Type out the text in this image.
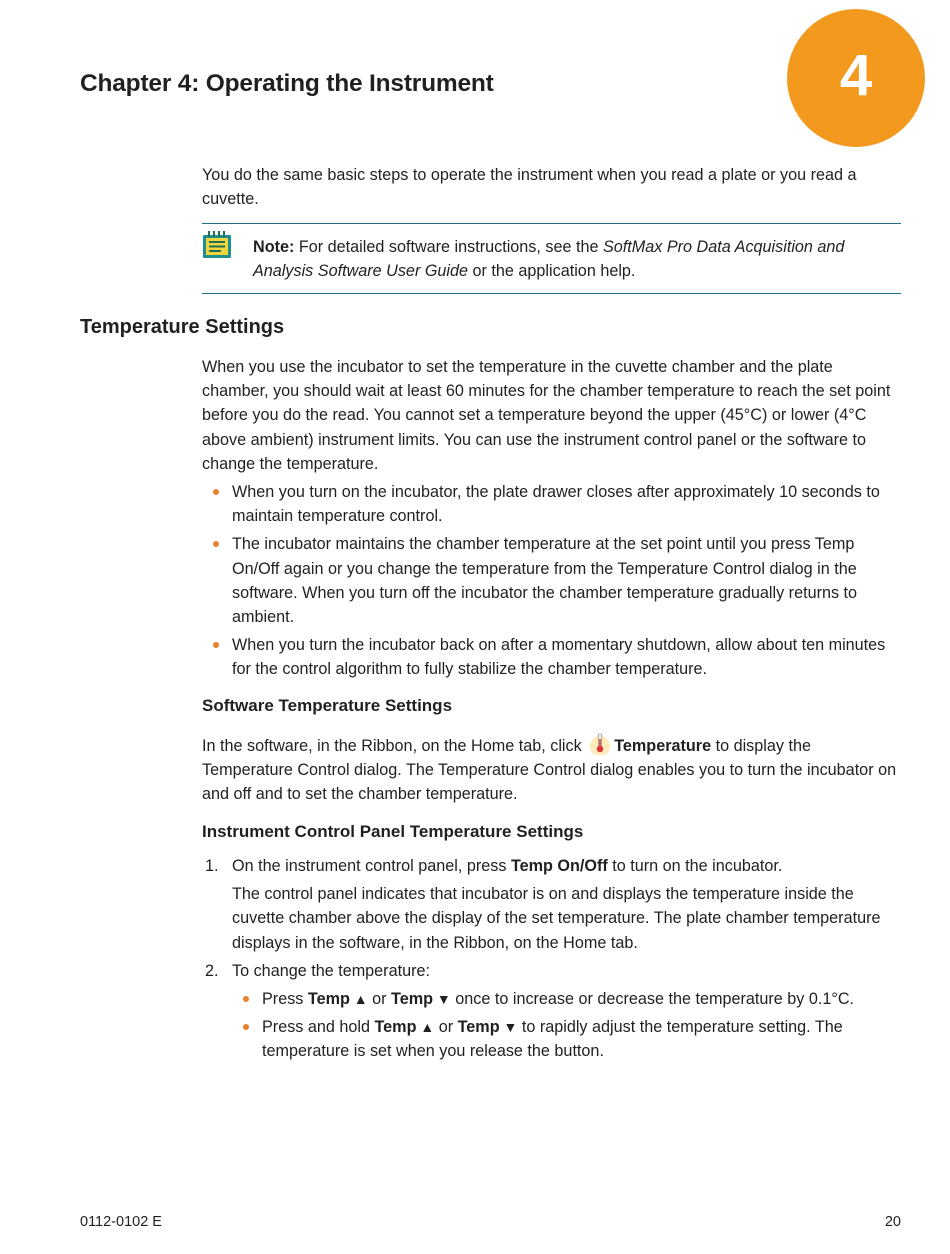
Chapter 4: Operating the Instrument	4

You do the same basic steps to operate the instrument when you read a plate or you read a cuvette.

Note: For detailed software instructions, see the SoftMax Pro Data Acquisition and Analysis Software User Guide or the application help.

Temperature Settings

When you use the incubator to set the temperature in the cuvette chamber and the plate chamber, you should wait at least 60 minutes for the chamber temperature to reach the set point before you do the read. You cannot set a temperature beyond the upper (45°C) or lower (4°C above ambient) instrument limits. You can use the instrument control panel or the software to change the temperature.

When you turn on the incubator, the plate drawer closes after approximately 10 seconds to maintain temperature control.
The incubator maintains the chamber temperature at the set point until you press Temp On/Off again or you change the temperature from the Temperature Control dialog in the software. When you turn off the incubator the chamber temperature gradually returns to ambient.
When you turn the incubator back on after a momentary shutdown, allow about ten minutes for the control algorithm to fully stabilize the chamber temperature.
Software Temperature Settings

In the software, in the Ribbon, on the Home tab, click Temperature to display the Temperature Control dialog. The Temperature Control dialog enables you to turn the incubator on and off and to set the chamber temperature.

Instrument Control Panel Temperature Settings
1. On the instrument control panel, press Temp On/Off to turn on the incubator.
The control panel indicates that incubator is on and displays the temperature inside the cuvette chamber above the display of the set temperature. The plate chamber temperature displays in the software, in the Ribbon, on the Home tab.
2. To change the temperature:
Press Temp ▲ or Temp ▼ once to increase or decrease the temperature by 0.1°C.
Press and hold Temp ▲ or Temp ▼ to rapidly adjust the temperature setting. The temperature is set when you release the button.

0112-0102 E	20
